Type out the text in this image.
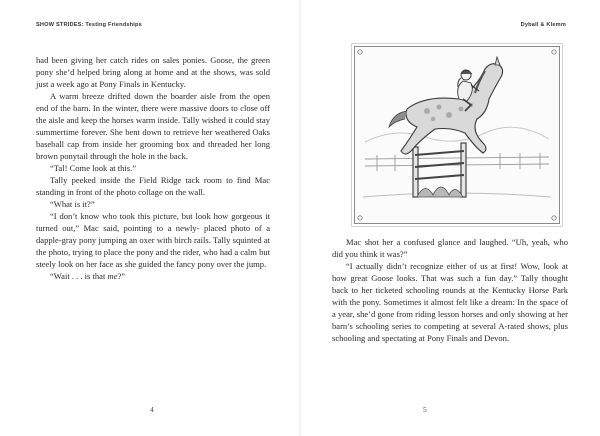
SHOW STRIDES: Testing Friendships

had been giving her catch rides on sales ponies. Goose, the green pony she’d helped bring along at home and at the shows, was sold just a week ago at Pony Finals in Kentucky.

A warm breeze drifted down the boarder aisle from the open end of the barn. In the winter, there were massive doors to close off the aisle and keep the horses warm inside. Tally wished it could stay summertime forever. She bent down to retrieve her weathered Oaks baseball cap from inside her grooming box and threaded her long brown ponytail through the hole in the back.

“Tal! Come look at this.”

Tally peeked inside the Field Ridge tack room to find Mac standing in front of the photo collage on the wall.

“What is it?”

“I don’t know who took this picture, but look how gorgeous it turned out,” Mac said, pointing to a newly- placed photo of a dapple-gray pony jumping an oxer with birch rails. Tally squinted at the photo, trying to place the pony and the rider, who had a calm but steely look on her face as she guided the fancy pony over the jump.

“Wait . . . is that me?”

4
Dyball & Klemm

Mac shot her a confused glance and laughed. “Uh, yeah, who did you think it was?”

“I actually didn’t recognize either of us at first! Wow, look at how great Goose looks. That was such a fun day.” Tally thought back to her ticketed schooling rounds at the Kentucky Horse Park with the pony. Sometimes it almost felt like a dream: In the space of a year, she’d gone from riding lesson horses and only showing at her barn’s schooling series to competing at several A-rated shows, plus schooling and spectating at Pony Finals and Devon.

5
